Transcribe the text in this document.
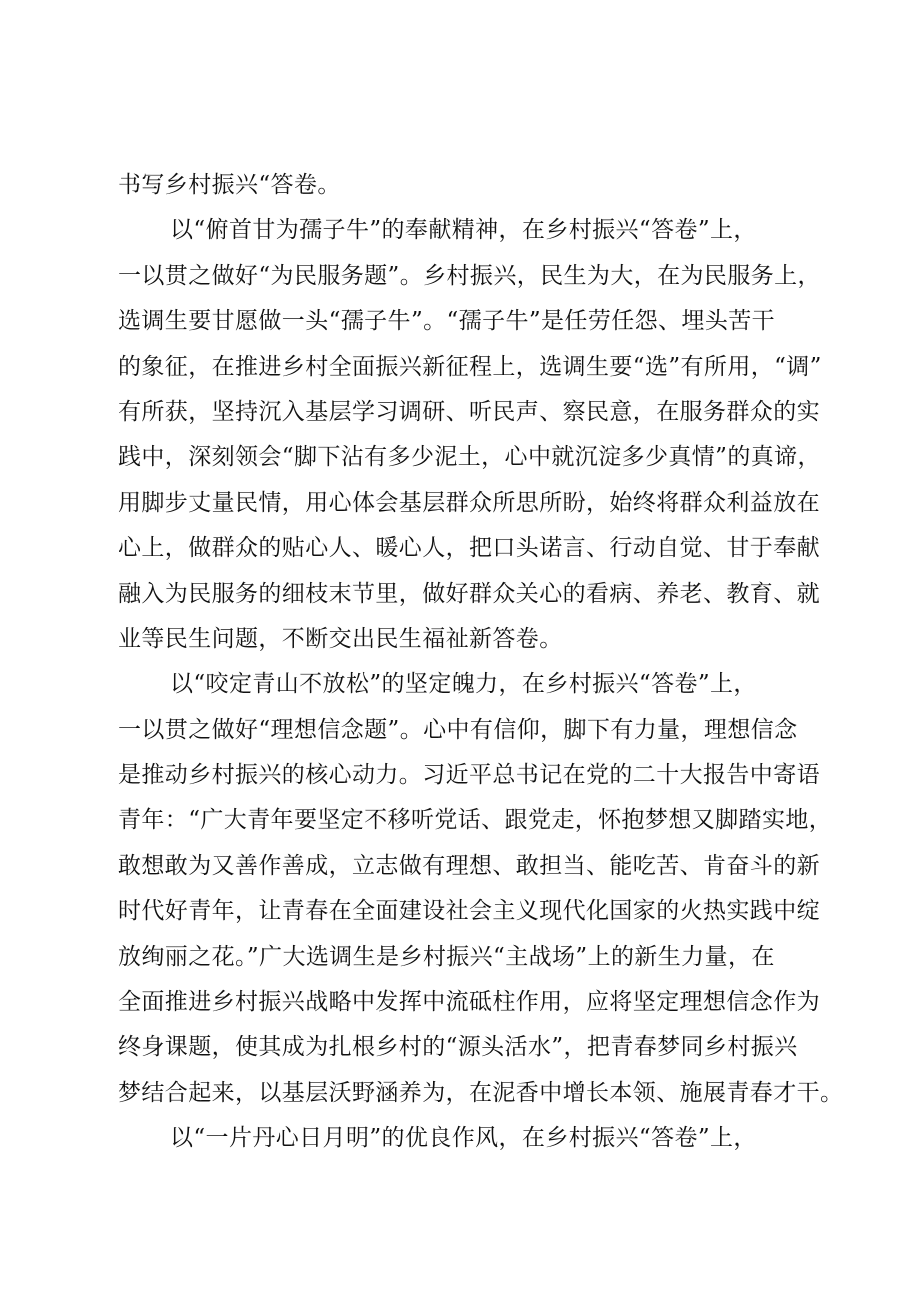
书写乡村振兴“答卷。
以“俯首甘为孺子牛”的奉献精神，在乡村振兴“答卷”上，
一以贯之做好“为民服务题”。乡村振兴，民生为大，在为民服务上，
选调生要甘愿做一头“孺子牛”。“孺子牛”是任劳任怨、埋头苦干
的象征，在推进乡村全面振兴新征程上，选调生要“选”有所用，“调”
有所获，坚持沉入基层学习调研、听民声、察民意，在服务群众的实
践中，深刻领会“脚下沾有多少泥土，心中就沉淀多少真情”的真谛，
用脚步丈量民情，用心体会基层群众所思所盼，始终将群众利益放在
心上，做群众的贴心人、暖心人，把口头诺言、行动自觉、甘于奉献
融入为民服务的细枝末节里，做好群众关心的看病、养老、教育、就
业等民生问题，不断交出民生福祉新答卷。
以“咬定青山不放松”的坚定魄力，在乡村振兴“答卷”上，
一以贯之做好“理想信念题”。心中有信仰，脚下有力量，理想信念
是推动乡村振兴的核心动力。习近平总书记在党的二十大报告中寄语
青年：“广大青年要坚定不移听党话、跟党走，怀抱梦想又脚踏实地，
敢想敢为又善作善成，立志做有理想、敢担当、能吃苦、肯奋斗的新
时代好青年，让青春在全面建设社会主义现代化国家的火热实践中绽
放绚丽之花。”广大选调生是乡村振兴“主战场”上的新生力量，在
全面推进乡村振兴战略中发挥中流砥柱作用，应将坚定理想信念作为
终身课题，使其成为扎根乡村的“源头活水”，把青春梦同乡村振兴
梦结合起来，以基层沃野涵养为，在泥香中增长本领、施展青春才干。
以“一片丹心日月明”的优良作风，在乡村振兴“答卷”上，
